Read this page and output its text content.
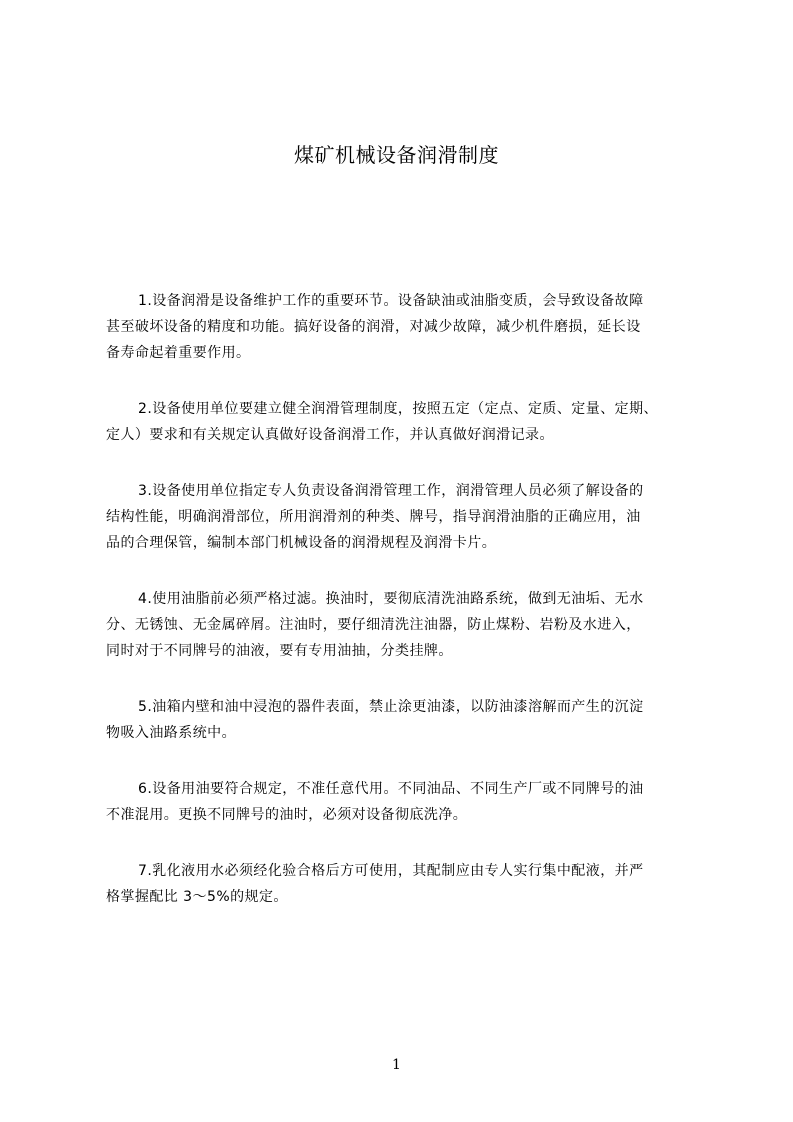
煤矿机械设备润滑制度
1.设备润滑是设备维护工作的重要环节。设备缺油或油脂变质，会导致设备故障
甚至破坏设备的精度和功能。搞好设备的润滑，对减少故障，减少机件磨损，延长设
备寿命起着重要作用。
2.设备使用单位要建立健全润滑管理制度，按照五定（定点、定质、定量、定期、
定人）要求和有关规定认真做好设备润滑工作，并认真做好润滑记录。
3.设备使用单位指定专人负责设备润滑管理工作，润滑管理人员必须了解设备的
结构性能，明确润滑部位，所用润滑剂的种类、牌号，指导润滑油脂的正确应用，油
品的合理保管，编制本部门机械设备的润滑规程及润滑卡片。
4.使用油脂前必须严格过滤。换油时，要彻底清洗油路系统，做到无油垢、无水
分、无锈蚀、无金属碎屑。注油时，要仔细清洗注油器，防止煤粉、岩粉及水进入，
同时对于不同牌号的油液，要有专用油抽，分类挂牌。
5.油箱内壁和油中浸泡的器件表面，禁止涂更油漆，以防油漆溶解而产生的沉淀
物吸入油路系统中。
6.设备用油要符合规定，不准任意代用。不同油品、不同生产厂或不同牌号的油
不准混用。更换不同牌号的油时，必须对设备彻底洗净。
7.乳化液用水必须经化验合格后方可使用，其配制应由专人实行集中配液，并严
格掌握配比 3～5%的规定。
1
